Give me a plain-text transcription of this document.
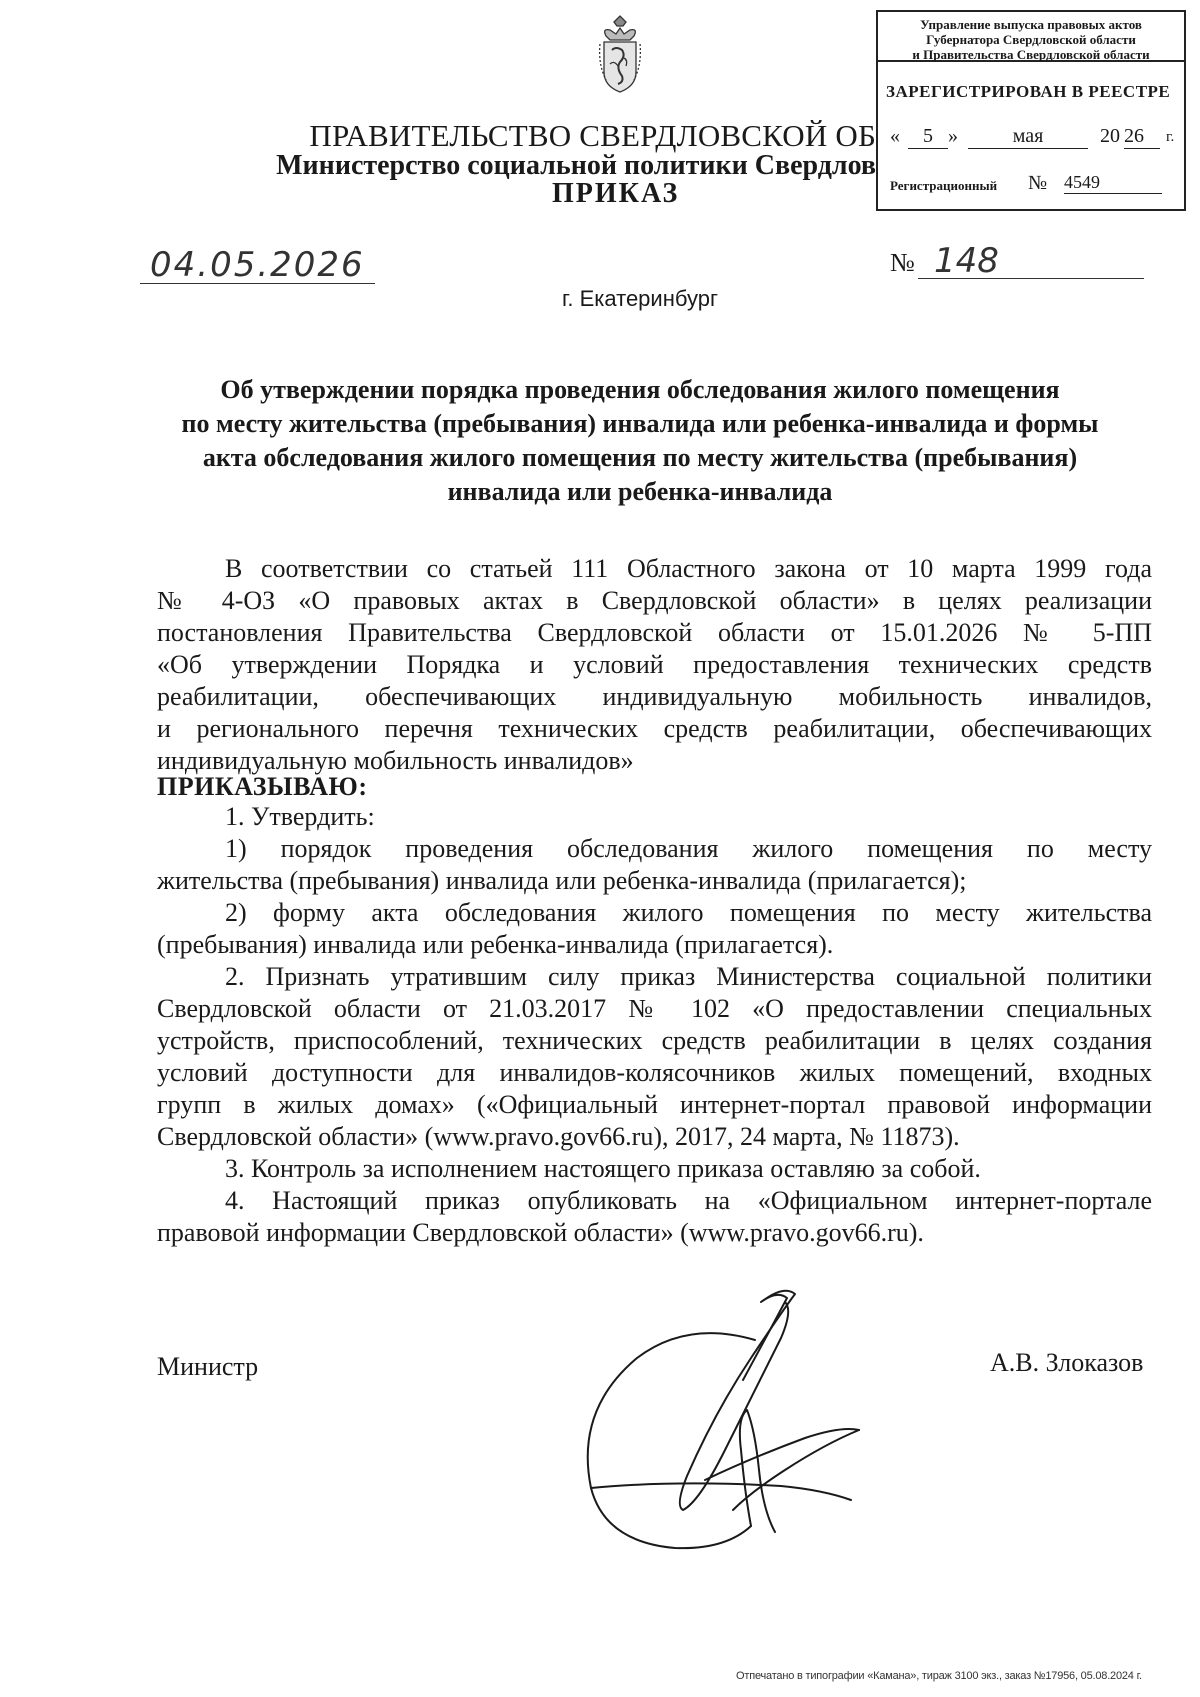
ПРАВИТЕЛЬСТВО СВЕРДЛОВСКОЙ ОБ
Министерство социальной политики Свердлов
ПРИКАЗ
Управление выпуска правовых актов
Губернатора Свердловской области
и Правительства Свердловской области
ЗАРЕГИСТРИРОВАН В РЕЕСТРЕ
«	5 »	мая	20 26	г.
Регистрационный № 4549
04.05.2026	№ 148
г. Екатеринбург
Об утверждении порядка проведения обследования жилого помещения
по месту жительства (пребывания) инвалида или ребенка-инвалида и формы
акта обследования жилого помещения по месту жительства (пребывания)
инвалида или ребенка-инвалида
В соответствии со статьей 111 Областного закона от 10 марта 1999 года
№ 4-ОЗ «О правовых актах в Свердловской области» в целях реализации
постановления Правительства Свердловской области от 15.01.2026 № 5-ПП
«Об утверждении Порядка и условий предоставления технических средств
реабилитации, обеспечивающих индивидуальную мобильность инвалидов,
и регионального перечня технических средств реабилитации, обеспечивающих
индивидуальную мобильность инвалидов»
ПРИКАЗЫВАЮ:
1. Утвердить:
1) порядок проведения обследования жилого помещения по месту
жительства (пребывания) инвалида или ребенка-инвалида (прилагается);
2) форму акта обследования жилого помещения по месту жительства
(пребывания) инвалида или ребенка-инвалида (прилагается).
2. Признать утратившим силу приказ Министерства социальной политики
Свердловской области от 21.03.2017 № 102 «О предоставлении специальных
устройств, приспособлений, технических средств реабилитации в целях создания
условий доступности для инвалидов-колясочников жилых помещений, входных
групп в жилых домах» («Официальный интернет-портал правовой информации
Свердловской области» (www.pravo.gov66.ru), 2017, 24 марта, № 11873).
3. Контроль за исполнением настоящего приказа оставляю за собой.
4. Настоящий приказ опубликовать на «Официальном интернет-портале
правовой информации Свердловской области» (www.pravo.gov66.ru).
Министр	А.В. Злоказов
Отпечатано в типографии «Камана», тираж 3100 экз., заказ №17956, 05.08.2024 г.
